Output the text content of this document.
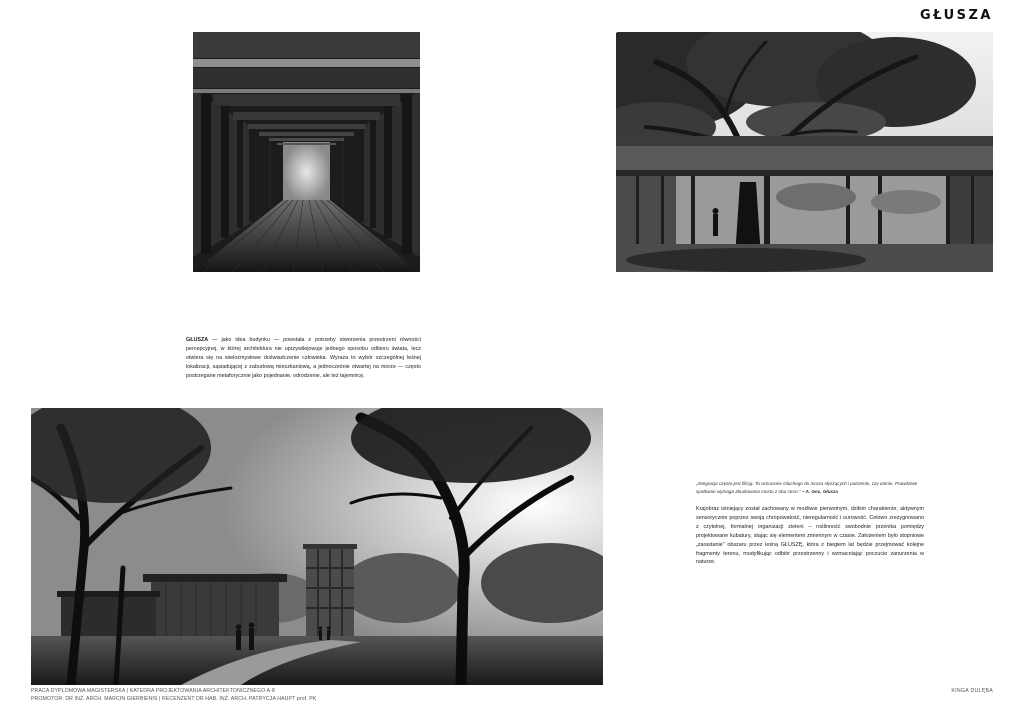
GŁUSZA
GŁUSZA — jako idea budynku — powstała z potrzeby stworzenia przestrzeni równości percepcyjnej, w której architektura nie uprzywilejowuje jednego sposobu odbioru świata, lecz otwiera się na wielozmysłowe doświadczenie człowieka. Wyraża to wybór szczególnej leśnej lokalizacji, sąsiadującej z zabudową mieszkaniową, a jednocześnie otwartej na morze — często postrzegane metaforycznie jako pojednanie, odrodzenie, ale też tajemnicę.
„Integracja często jest fikcją. To wrzucenie Głuchego do morza słyszących i patrzenie, czy utonie. Prawdziwe spotkanie wymaga zbudowania mostu z obu stron." – A. Goc, Głusza
Krajobraz istniejący został zachowany w możliwie pierwotnym, dzikim charakterze, aktywnym sensorycznie poprzez swoją chropowatość, nieregularność i surowość. Celowo zrezygnowano z czytelnej, formalnej organizacji zieleni – roślinność swobodnie przenika pomiędzy projektowane kubatury, stając się elementem zmiennym w czasie. Założeniem było stopniowe „zarastanie" obszaru przez leśną GŁUSZĘ, która z biegiem lat będzie przejmować kolejne fragmenty terenu, modyfikując odbiór przestrzenny i wzmacniając poczucie zanurzenia w naturze.
PRACA DYPLOMOWA MAGISTERSKA | KATEDRA PROJEKTOWANIA ARCHITEKTONICZNEGO A-8
PROMOTOR: DR INŻ. ARCH. MARCIN GIERBIENIS | RECENZENT DR HAB. INŻ. ARCH. PATRYCJA HAUPT prof. PK
KINGA DULĘBA
